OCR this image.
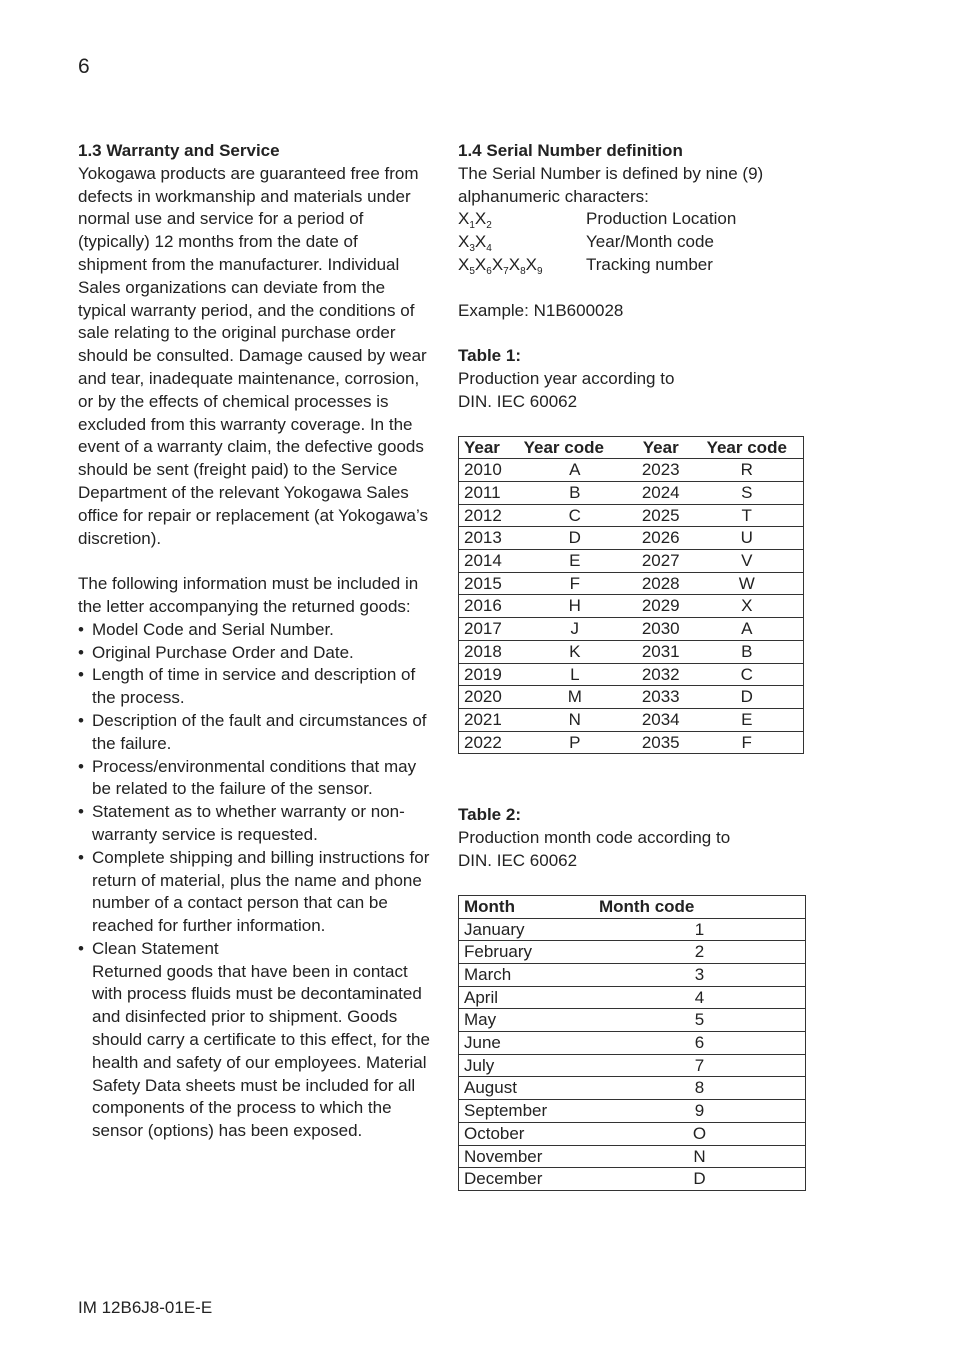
6
1.3 Warranty and Service

Yokogawa products are guaranteed free from defects in workmanship and materials under normal use and service for a period of (typically) 12 months from the date of shipment from the manufacturer. Individual Sales organizations can deviate from the typical warranty period, and the conditions of sale relating to the original purchase order should be consulted. Damage caused by wear and tear, inadequate maintenance, corrosion, or by the effects of chemical processes is excluded from this warranty coverage. In the event of a warranty claim, the defective goods should be sent (freight paid) to the Service Department of the relevant Yokogawa Sales office for repair or replacement (at Yokogawa’s discretion).

The following information must be included in the letter accompanying the returned goods:

• Model Code and Serial Number.
• Original Purchase Order and Date.
• Length of time in service and description of the process.
• Description of the fault and circumstances of the failure.
• Process/environmental conditions that may be related to the failure of the sensor.
• Statement as to whether warranty or non-warranty service is requested.
• Complete shipping and billing instructions for return of material, plus the name and phone number of a contact person that can be reached for further information.
• Clean Statement
Returned goods that have been in contact with process fluids must be decontaminated and disinfected prior to shipment. Goods should carry a certificate to this effect, for the health and safety of our employees. Material Safety Data sheets must be included for all components of the process to which the sensor (options) has been exposed.
1.4 Serial Number definition

The Serial Number is defined by nine (9) alphanumeric characters:

$X_1X_2$	Production Location
$X_3X_4$	Year/Month code
$X_5X_6X_7X_8X_9$	Tracking number

Example: N1B600028

Table 1:

Production year according to

DIN. IEC 60062

Year	Year code	Year	Year code
2010	A	2023	R
2011	B	2024	S
2012	C	2025	T
2013	D	2026	U
2014	E	2027	V
2015	F	2028	W
2016	H	2029	X
2017	J	2030	A
2018	K	2031	B
2019	L	2032	C
2020	M	2033	D
2021	N	2034	E
2022	P	2035	F
Table 2:

Production month code according to

DIN. IEC 60062

Month	Month code
January	1
February	2
March	3
April	4
May	5
June	6
July	7
August	8
September	9
October	O
November	N
December	D
IM 12B6J8-01E-E
